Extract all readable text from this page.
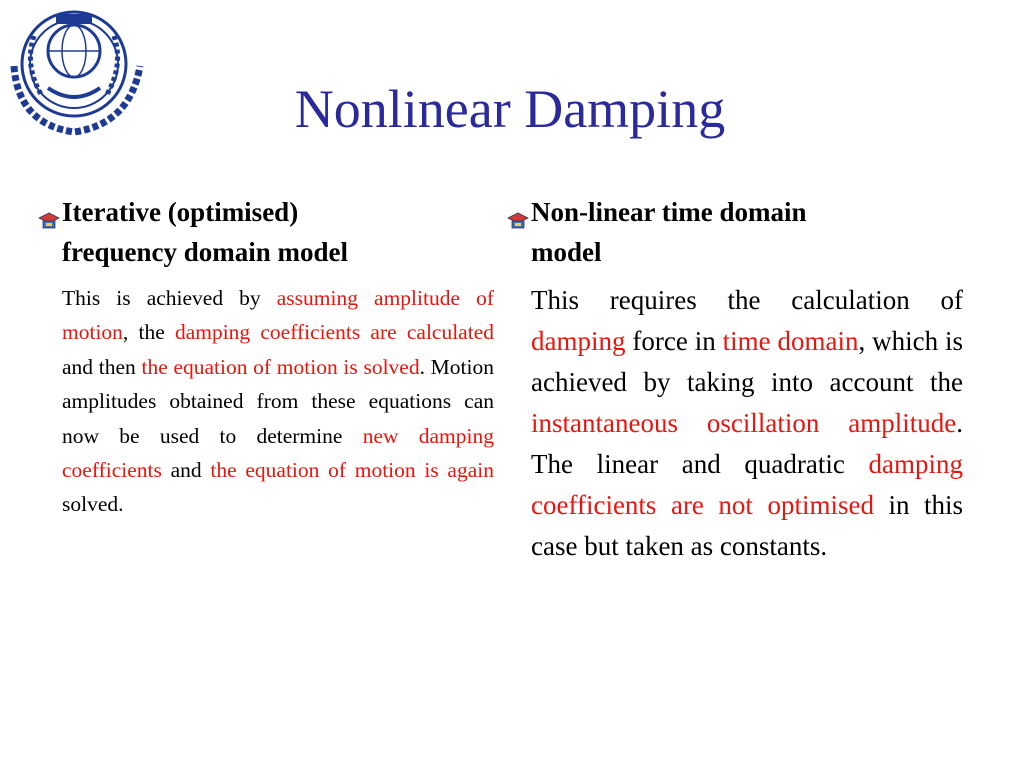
Nonlinear Damping
Iterative (optimised)
frequency domain model
This is achieved by assuming amplitude of motion, the damping coefficients are calculated and then the equation of motion is solved. Motion amplitudes obtained from these equations can now be used to determine new damping coefficients and the equation of motion is again solved.
Non-linear time domain
model
This requires the calculation of damping force in time domain, which is achieved by taking into account the instantaneous oscillation amplitude. The linear and quadratic damping coefficients are not optimised in this case but taken as constants.
